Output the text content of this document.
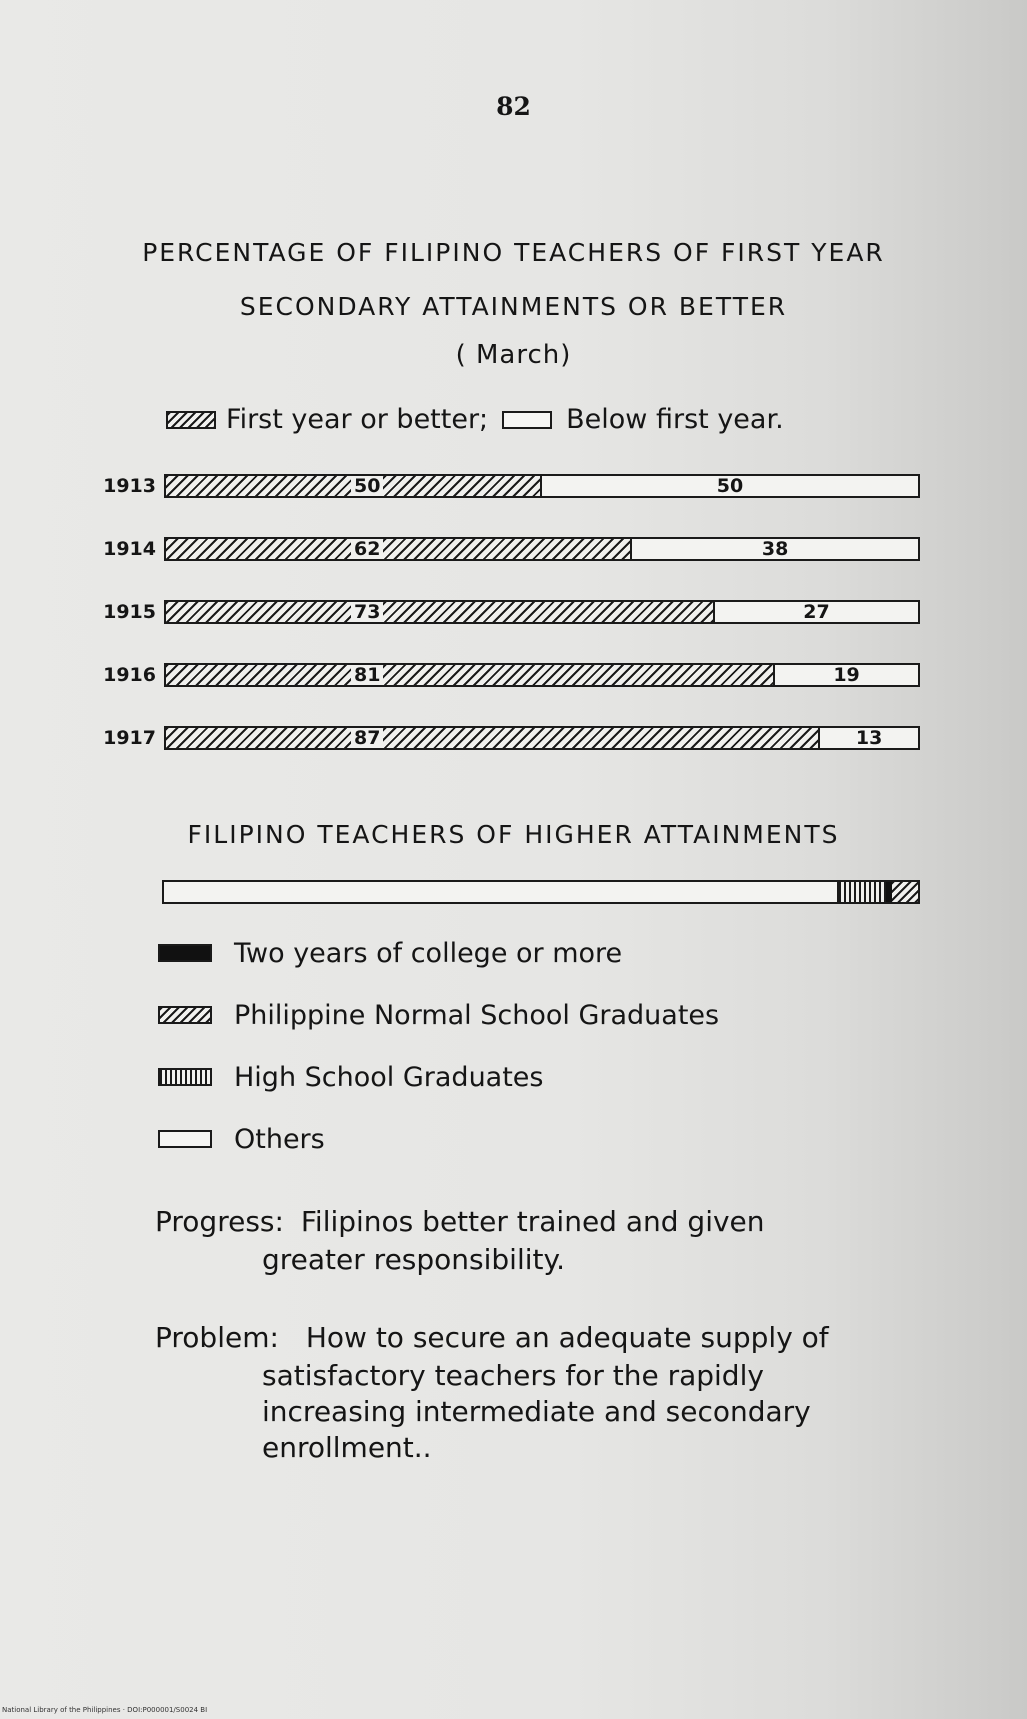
82
PERCENTAGE OF FILIPINO TEACHERS OF FIRST YEAR
SECONDARY ATTAINMENTS OR BETTER
( March)
First year or better;	Below first year.
1913	50	50
1914	62	38
1915	73	27
1916	81	19
1917	87	13
FILIPINO TEACHERS OF HIGHER ATTAINMENTS
Two years of college or more
Philippine Normal School Graduates
High School Graduates
Others
Progress: Filipinos better trained and given
greater responsibility.
Problem: How to secure an adequate supply of
satisfactory teachers for the rapidly
increasing intermediate and secondary
enrollment..
National Library of the Philippines · DOI:P000001/S0024 BI
